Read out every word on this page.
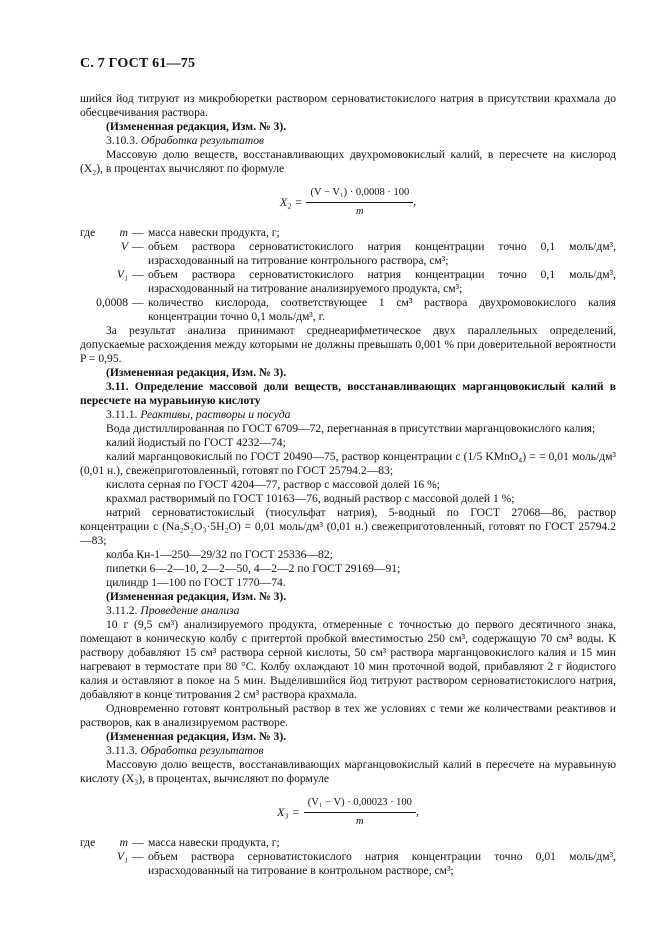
С. 7 ГОСТ 61—75

шийся йод титруют из микробюретки раствором серноватистокислого натрия в присутствии крахмала до обесцвечивания раствора.

(Измененная редакция, Изм. № 3).

3.10.3. Обработка результатов

Массовую долю веществ, восстанавливающих двухромовокислый калий, в пересчете на кислород (X₂), в процентах вычисляют по формуле

$X_2 = \frac{\text{(V − V₁) · 0,0008 · 100}}{m}$ ,
где	m — масса навески продукта, г;
V — объем раствора серноватистокислого натрия концентрации точно 0,1 моль/дм³, израсходованный на титрование контрольного раствора, см³;
V₁ — объем раствора серноватистокислого натрия концентрации точно 0,1 моль/дм³, израсходованный на титрование анализируемого продукта, см³;
0,0008 — количество кислорода, соответствующее 1 см³ раствора двухромовокислого калия концентрации точно 0,1 моль/дм³, г.

За результат анализа принимают среднеарифметическое двух параллельных определений, допускаемые расхождения между которыми не должны превышать 0,001 % при доверительной вероятности P = 0,95.

(Измененная редакция, Изм. № 3).

3.11. Определение массовой доли веществ, восстанавливающих марганцовокислый калий в пересчете на муравьиную кислоту

3.11.1. Реактивы, растворы и посуда

Вода дистиллированная по ГОСТ 6709—72, перегнанная в присутствии марганцовокислого калия;

калий йодистый по ГОСТ 4232—74;

калий марганцовокислый по ГОСТ 20490—75, раствор концентрации c (1/5 KMnO₄) = = 0,01 моль/дм³ (0,01 н.), свежеприготовленный, готовят по ГОСТ 25794.2—83;

кислота серная по ГОСТ 4204—77, раствор с массовой долей 16 %;

крахмал растворимый по ГОСТ 10163—76, водный раствор с массовой долей 1 %;

натрий серноватистокислый (тиосульфат натрия), 5-водный по ГОСТ 27068—86, раствор концентрации c (Na₂S₂O₃·5H₂O) = 0,01 моль/дм³ (0,01 н.) свежеприготовленный, готовят по ГОСТ 25794.2—83;

колба Кн-1—250—29/32 по ГОСТ 25336—82;

пипетки 6—2—10, 2—2—50, 4—2—2 по ГОСТ 29169—91;

цилиндр 1—100 по ГОСТ 1770—74.

(Измененная редакция, Изм. № 3).

3.11.2. Проведение анализа

10 г (9,5 см³) анализируемого продукта, отмеренные с точностью до первого десятичного знака, помещают в коническую колбу с притертой пробкой вместимостью 250 см³, содержащую 70 см³ воды. К раствору добавляют 15 см³ раствора серной кислоты, 50 см³ раствора марганцовокислого калия и 15 мин нагревают в термостате при 80 °С. Колбу охлаждают 10 мин проточной водой, прибавляют 2 г йодистого калия и оставляют в покое на 5 мин. Выделившийся йод титруют раствором серноватистокислого натрия, добавляют в конце титрования 2 см³ раствора крахмала.

Одновременно готовят контрольный раствор в тех же условиях с теми же количествами реактивов и растворов, как в анализируемом растворе.

(Измененная редакция, Изм. № 3).

3.11.3. Обработка результатов

Массовую долю веществ, восстанавливающих марганцовокислый калий в пересчете на муравьиную кислоту (X₃), в процентах, вычисляют по формуле

$X_3 = \frac{\text{(V₁ − V) · 0,00023 · 100}}{m}$ ,
где	m — масса навески продукта, г;
V₁ — объем раствора серноватистокислого натрия концентрации точно 0,01 моль/дм³, израсходованный на титрование в контрольном растворе, см³;
